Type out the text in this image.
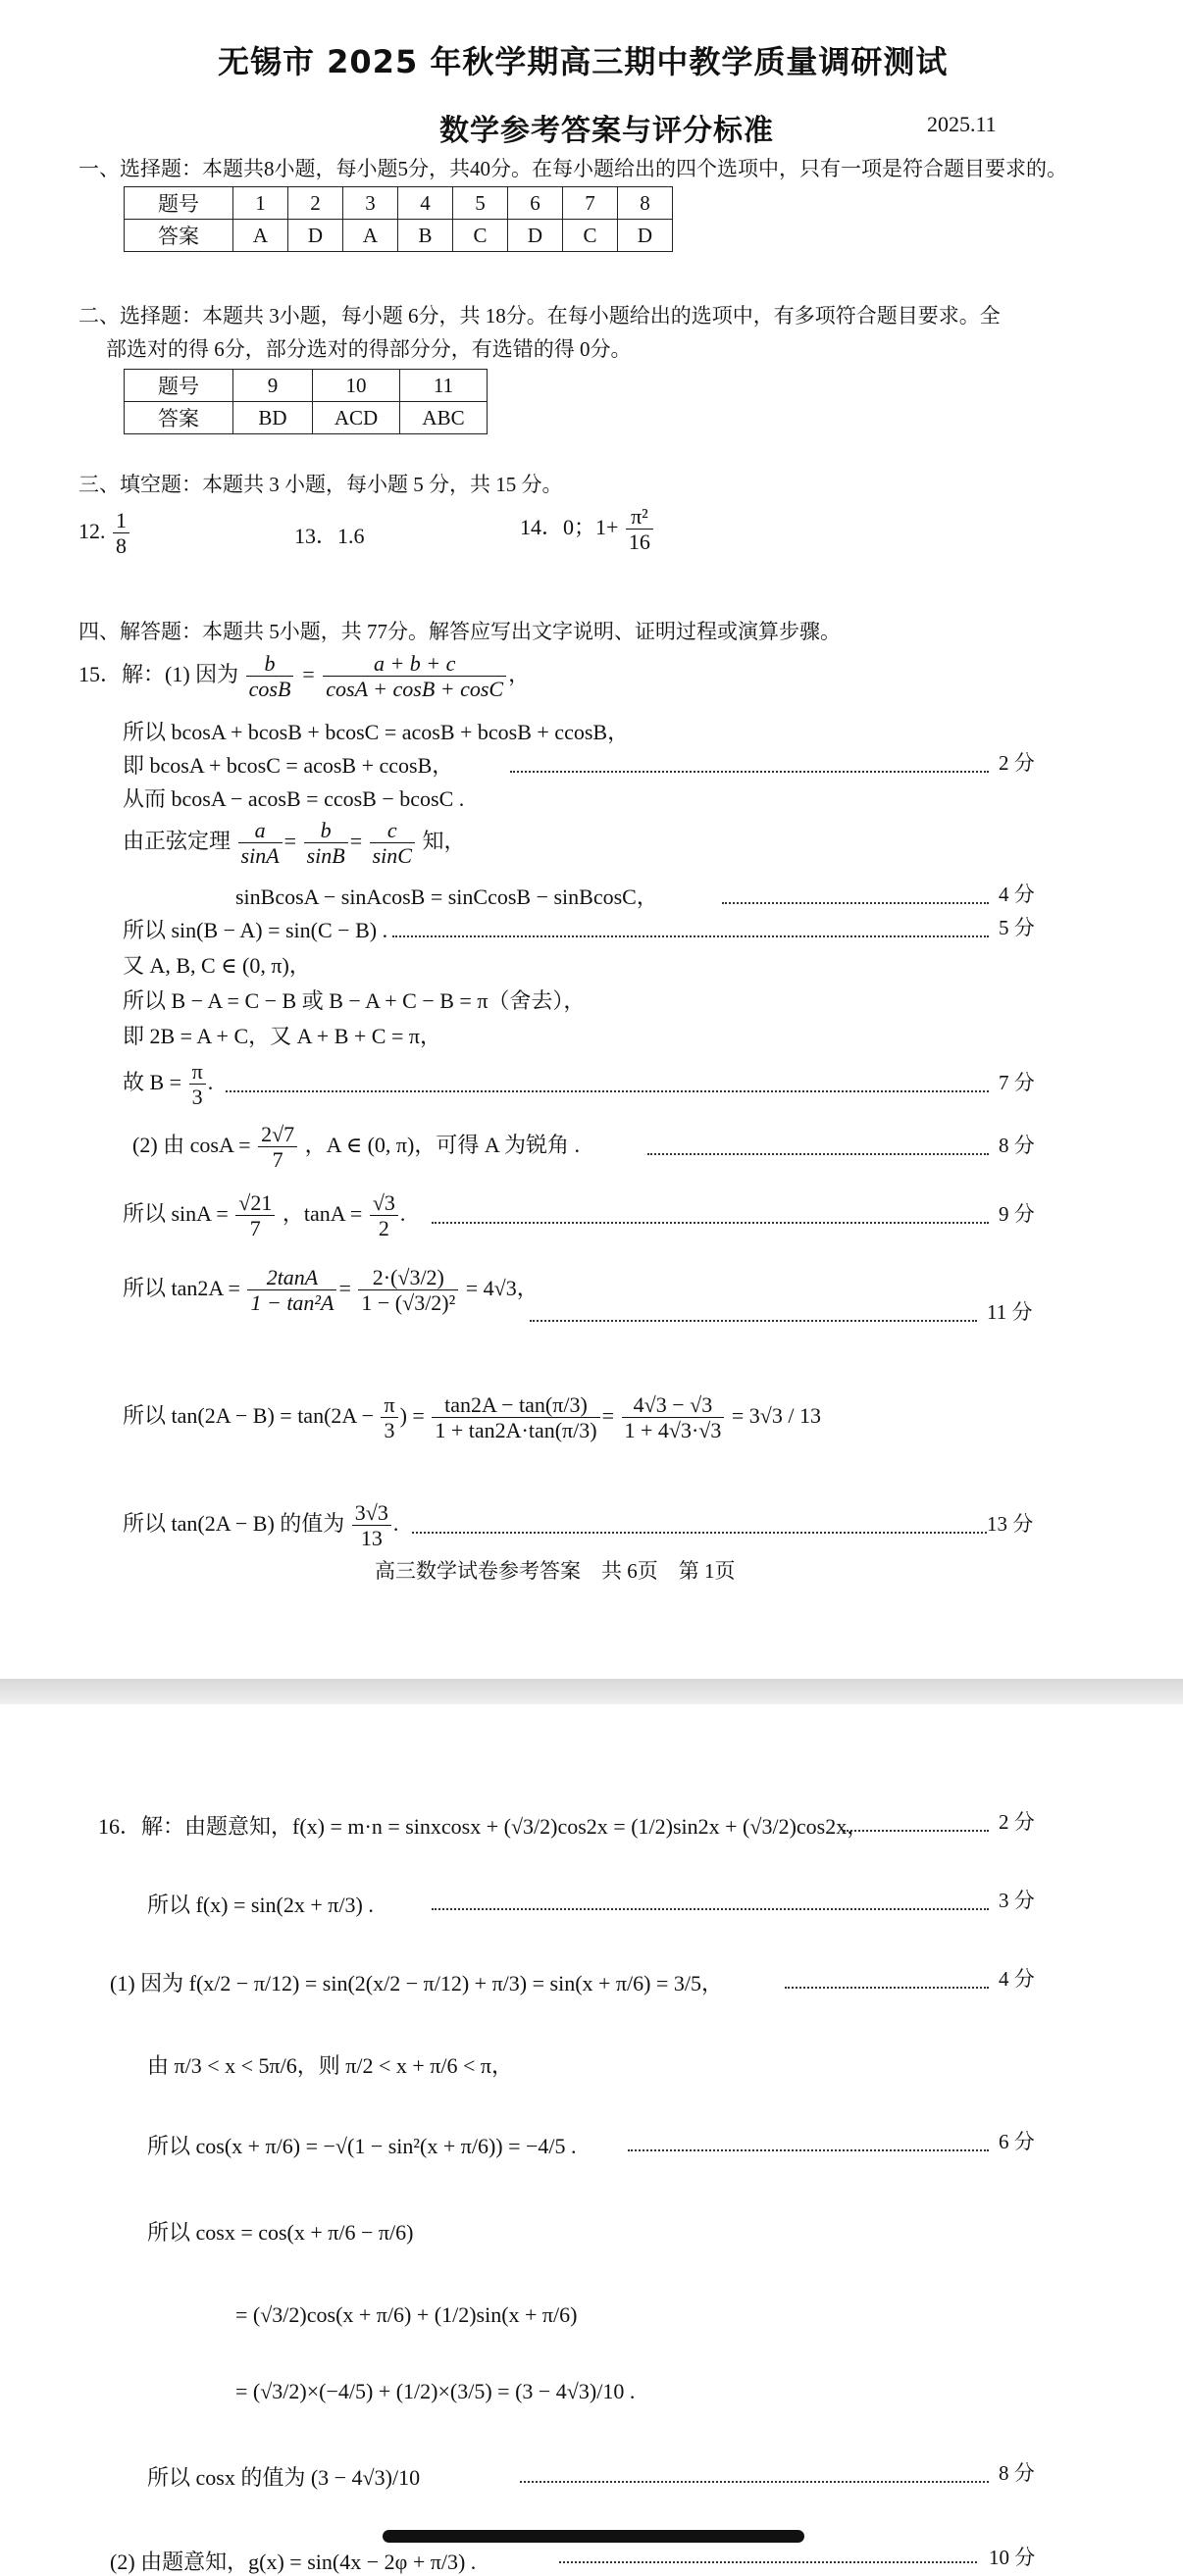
无锡市 2025 年秋学期高三期中教学质量调研测试
数学参考答案与评分标准	2025.11
一、选择题：本题共8小题，每小题5分，共40分。在每小题给出的四个选项中，只有一项是符合题目要求的。
题号	1	2	3	4	5	6	7	8
答案	A	D	A	B	C	D	C	D
二、选择题：本题共 3小题，每小题 6分，共 18分。在每小题给出的选项中，有多项符合题目要求。全
部选对的得 6分，部分选对的得部分分，有选错的得 0分。
题号	9	10	11
答案	BD	ACD	ABC
三、填空题：本题共 3 小题，每小题 5 分，共 15 分。
12. $\frac{1}{8}$	13．1.6	14．0；$1+ \frac{\text{π²}}{16}$
四、解答题：本题共 5小题，共 77分。解答应写出文字说明、证明过程或演算步骤。
15．解：(1) 因为 $\frac{b}{\cos B} = \frac{a + b + c}{\cos A + \cos B + \cos C}$ ，
所以 bcosA + bcosB + bcosC = acosB + bcosB + ccosB，
即 bcosA + bcosC = acosB + ccosB，
从而 bcosA − acosB = ccosB − bcosC .
由正弦定理 $\frac{a}{\sin A} = \frac{b}{\sin B} = \frac{c}{\sin C}$ 知，
sinBcosA − sinAcosB = sinCcosB − sinBcosC，
所以 sin(B − A) = sin(C − B) .
又 A, B, C ∈ (0, π)，
所以 B − A = C − B 或 B − A + C − B = π（舍去），
即 2B = A + C，又 A + B + C = π，
故 $B = \frac{\pi}{3}$ .
(2) 由 $\cos A = \frac{2√7}{7}$ ，A ∈ (0, π)，可得 A 为锐角 .
所以 $\sin A = \frac{√21}{7}$ ，$\tan A = \frac{√3}{2}$ .
所以 $\tan 2A = \frac{2\tan A}{\text{1 − tan²A}} = \frac{2\cdot(√3/2)}{\text{1 − (√3/2)²}} = 4√3$，
所以 $\tan(2A - B) = \tan(2A - \frac{\pi}{3}$ ) = $\frac{\tan 2A - \tan(\pi/3)}{1 + \tan 2A\cdot\tan(\pi/3)} = \frac{4√3 - √3}{1 + 4√3\cdot√3} = 3√3 / 13$
所以 tan(2A − B) 的值为 $\frac{3√3}{13}$ .
2 分
4 分
5 分
7 分
8 分
9 分
11 分
13 分
高三数学试卷参考答案　共 6页　第 1页
16．解：由题意知，f(x) = m·n = sinxcosx + (√3/2)cos2x = (1/2)sin2x + (√3/2)cos2x，
所以 f(x) = sin(2x + π/3) .
(1) 因为 f(x/2 − π/12) = sin(2(x/2 − π/12) + π/3) = sin(x + π/6) = 3/5，
由 π/3 < x < 5π/6，则 π/2 < x + π/6 < π，
所以 cos(x + π/6) = −√(1 − sin²(x + π/6)) = −4/5 .
所以 cosx = cos(x + π/6 − π/6)
= (√3/2)cos(x + π/6) + (1/2)sin(x + π/6)
= (√3/2)×(−4/5) + (1/2)×(3/5) = (3 − 4√3)/10 .
所以 cosx 的值为 (3 − 4√3)/10
(2) 由题意知，g(x) = sin(4x − 2φ + π/3) .
2 分
3 分
4 分
6 分
8 分
10 分
